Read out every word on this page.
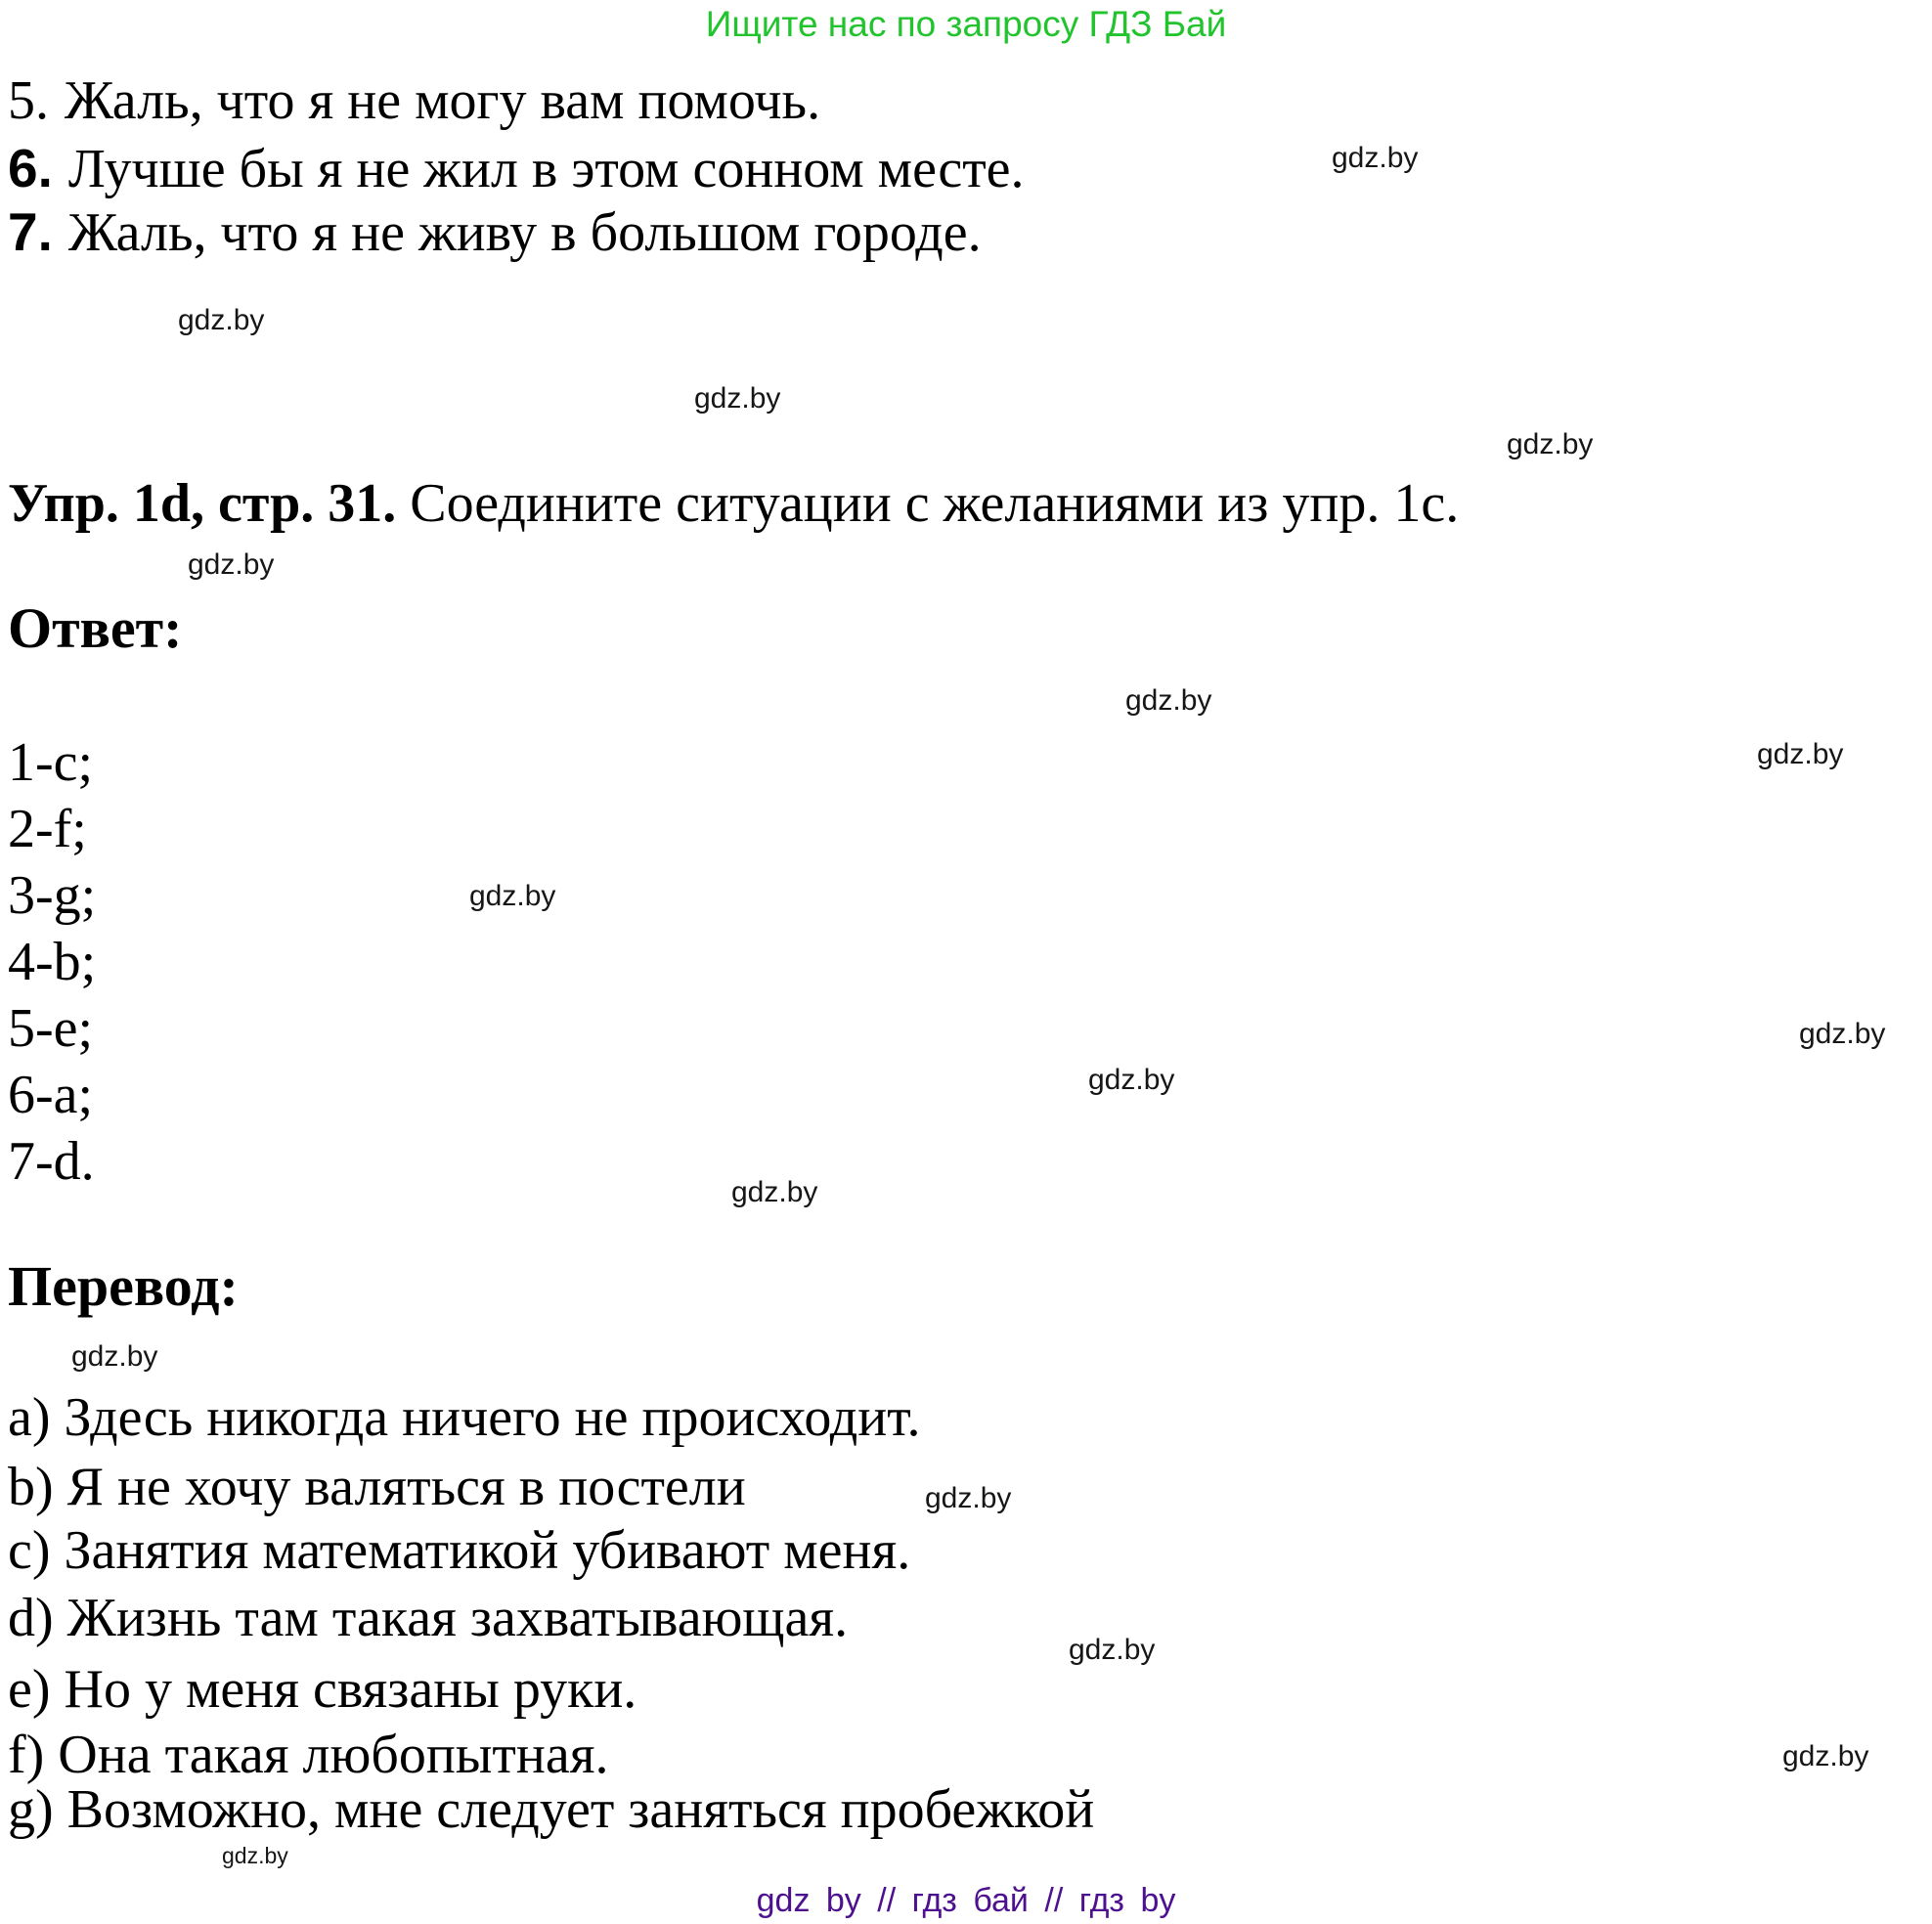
Ищите нас по запросу ГДЗ Бай
5. Жаль, что я не могу вам помочь.
6. Лучше бы я не жил в этом сонном месте.
7. Жаль, что я не живу в большом городе.
Упр. 1d, стр. 31. Соедините ситуации с желаниями из упр. 1c.
Ответ:
1-c;
2-f;
3-g;
4-b;
5-e;
6-a;
7-d.
Перевод:
a) Здесь никогда ничего не происходит.
b) Я не хочу валяться в постели
c) Занятия математикой убивают меня.
d) Жизнь там такая захватывающая.
e) Но у меня связаны руки.
f) Она такая любопытная.
g) Возможно, мне следует заняться пробежкой
gdz.by
gdz.by
gdz.by
gdz.by
gdz.by
gdz.by
gdz.by
gdz.by
gdz.by
gdz.by
gdz.by
gdz.by
gdz.by
gdz.by
gdz.by
gdz.by
gdz by // гдз бай // гдз by
